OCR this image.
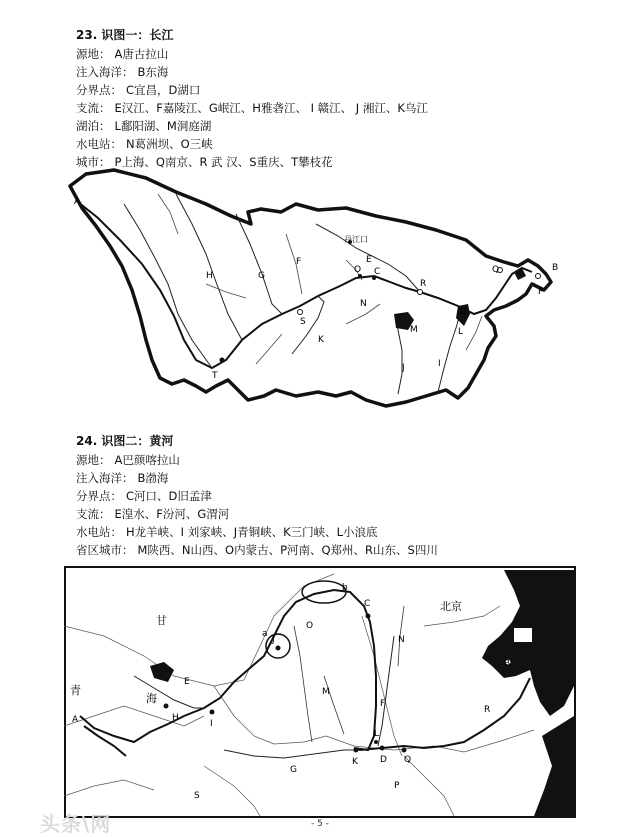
23. 识图一：长江
源地： A唐古拉山
注入海洋： B东海
分界点： C宜昌，D湖口
支流： E汉江、F嘉陵江、G岷江、H雅砻江、 I 赣江、 J 湘江、K乌江
湖泊： L鄱阳湖、M洞庭湖
水电站： N葛洲坝、O三峡
城市： P上海、Q南京、R 武 汉、S重庆、T攀枝花
A
B
C
D
E
F
G
H
I
J
K
L
M
N
O
P
Q
R
S
T
丹江口
24. 识图二：黄河
源地： A巴颜喀拉山
注入海洋： B渤海
分界点： C河口、D旧孟津
支流： E湟水、F汾河、G渭河
水电站： H龙羊峡、I 刘家峡、J青铜峡、K三门峡、L小浪底
省区城市： M陕西、N山西、O内蒙古、P河南、Q郑州、R山东、S四川
A
B
C
D
E
F
G
H
I
J
K
L
M
N
O
P
Q
R
S
a
b
甘
青
海
北京
头条\网	- 5 -
